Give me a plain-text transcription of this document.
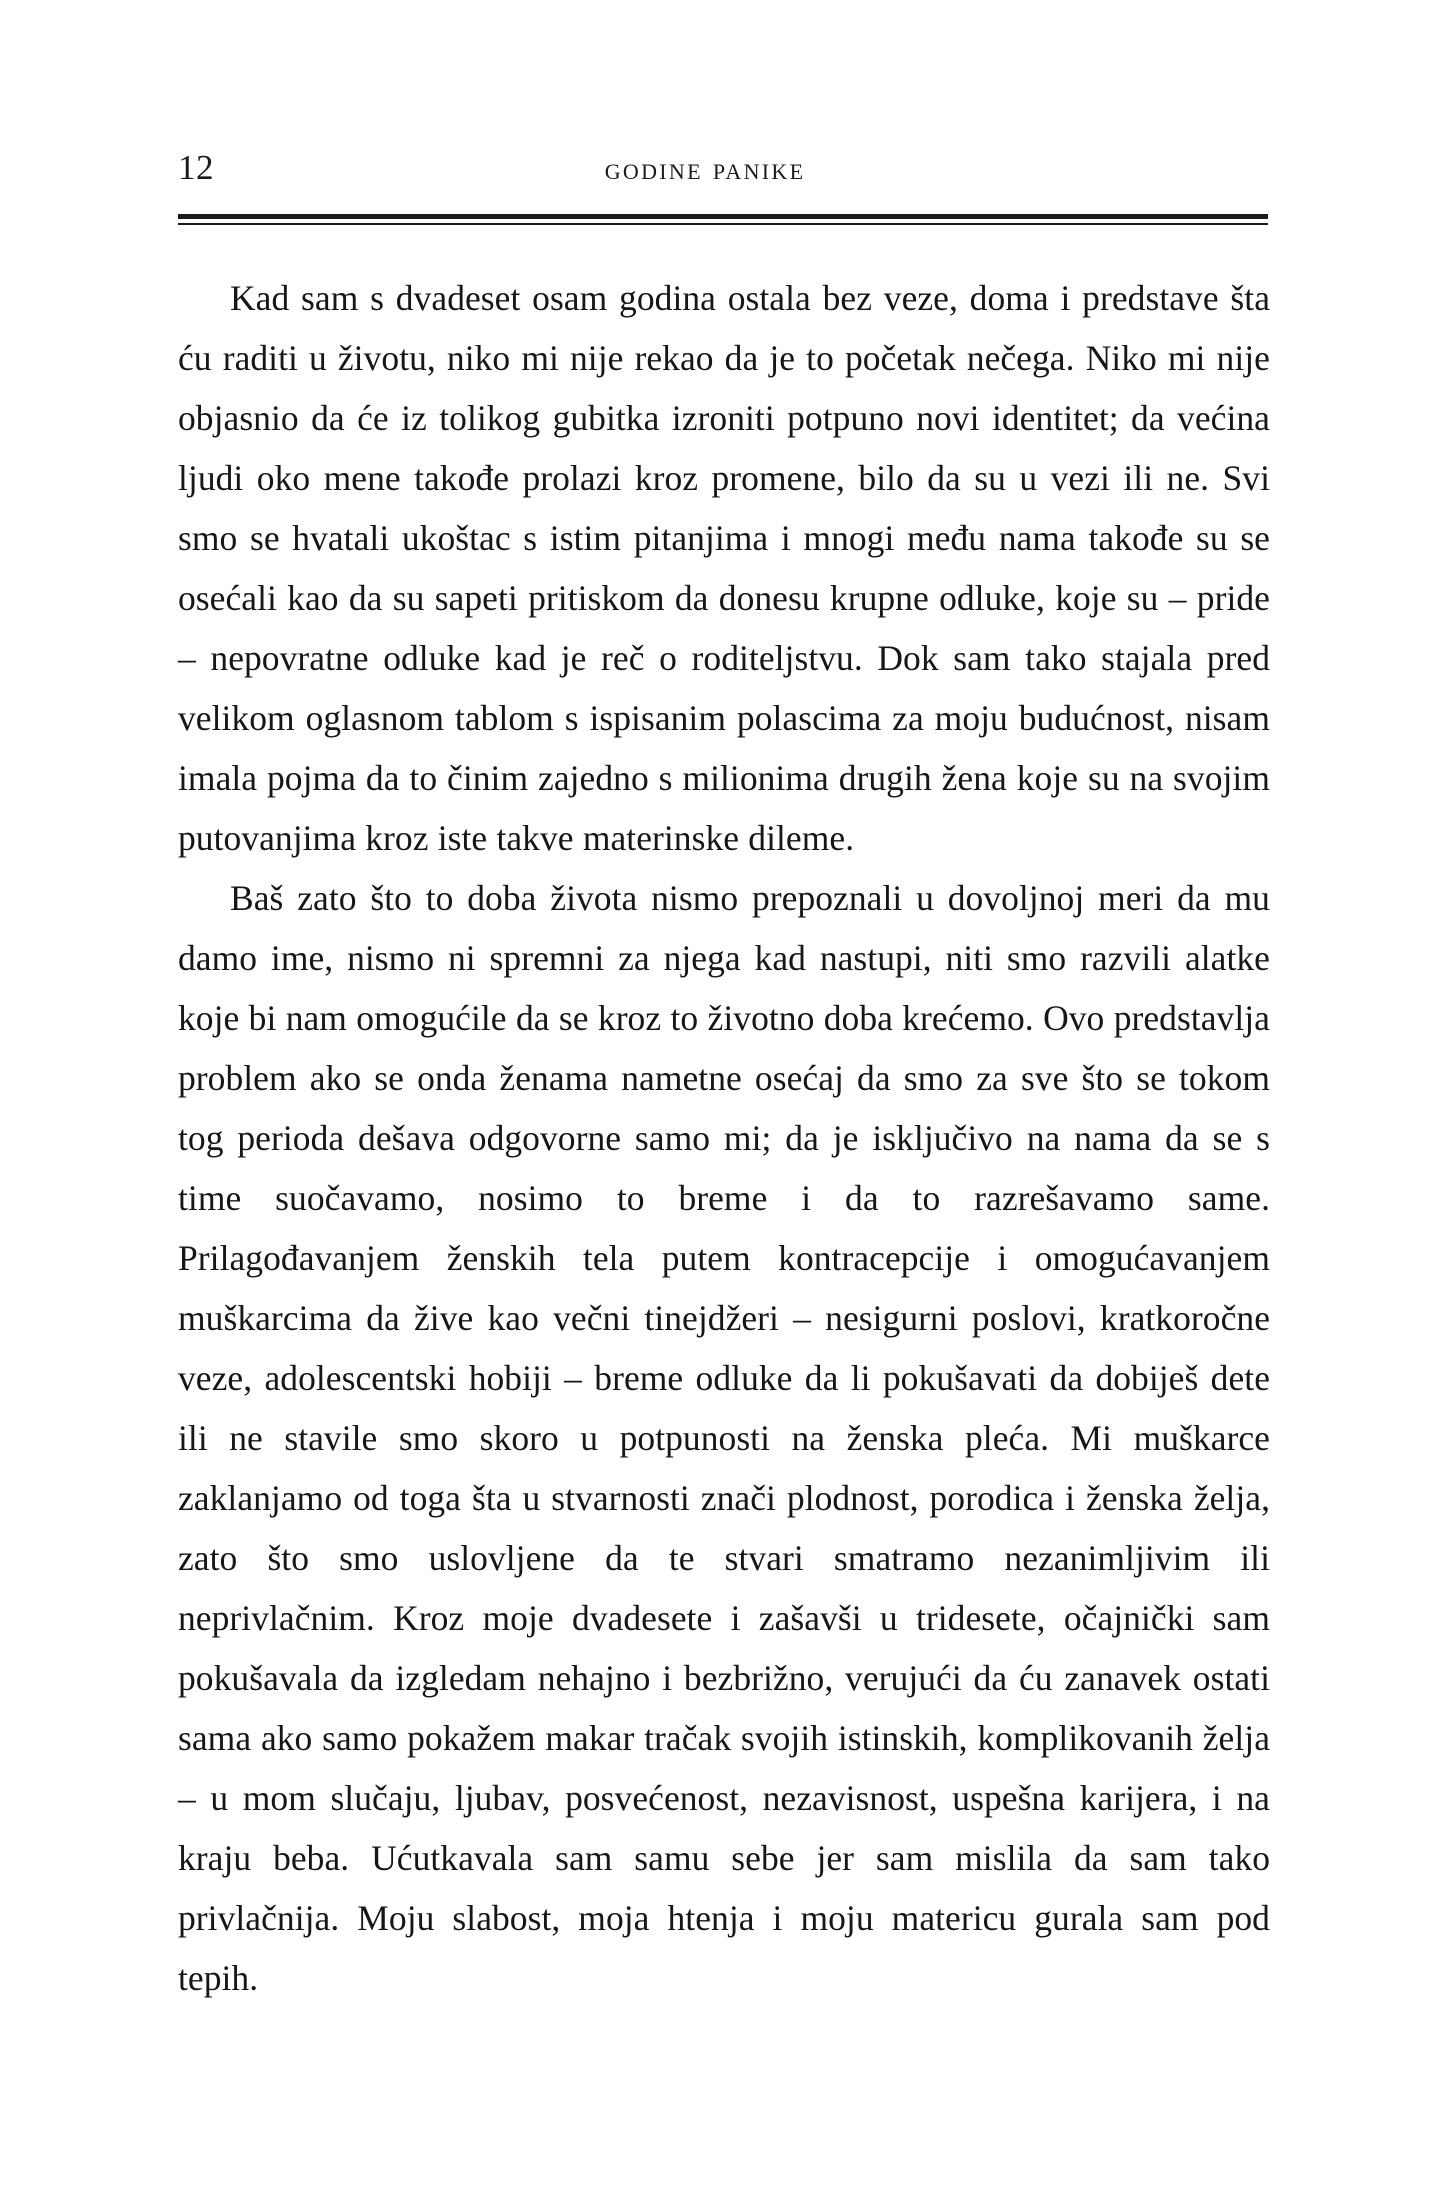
12	godine panike

Kad sam s dvadeset osam godina ostala bez veze, doma i predstave šta ću raditi u životu, niko mi nije rekao da je to početak nečega. Niko mi nije objasnio da će iz tolikog gubitka izroniti potpuno novi identitet; da većina ljudi oko mene takođe prolazi kroz promene, bilo da su u vezi ili ne. Svi smo se hvatali ukoštac s istim pitanjima i mnogi među nama takođe su se osećali kao da su sapeti pritiskom da donesu krupne odluke, koje su – pride – nepovratne odluke kad je reč o roditeljstvu. Dok sam tako stajala pred velikom oglasnom tablom s ispisanim polascima za moju budućnost, nisam imala pojma da to činim zajedno s milionima drugih žena koje su na svojim putovanjima kroz iste takve materinske dileme.

Baš zato što to doba života nismo prepoznali u dovoljnoj meri da mu damo ime, nismo ni spremni za njega kad nastupi, niti smo razvili alatke koje bi nam omogućile da se kroz to životno doba krećemo. Ovo predstavlja problem ako se onda ženama nametne osećaj da smo za sve što se tokom tog perioda dešava odgovorne samo mi; da je isključivo na nama da se s time suočavamo, nosimo to breme i da to razrešavamo same. Prilagođavanjem ženskih tela putem kontracepcije i omogućavanjem muškarcima da žive kao večni tinejdžeri – nesigurni poslovi, kratkoročne veze, adolescentski hobiji – breme odluke da li pokušavati da dobiješ dete ili ne stavile smo skoro u potpunosti na ženska pleća. Mi muškarce zaklanjamo od toga šta u stvarnosti znači plodnost, porodica i ženska želja, zato što smo uslovljene da te stvari smatramo nezanimljivim ili neprivlačnim. Kroz moje dvadesete i zašavši u tridesete, očajnički sam pokušavala da izgledam nehajno i bezbrižno, verujući da ću zanavek ostati sama ako samo pokažem makar tračak svojih istinskih, komplikovanih želja – u mom slučaju, ljubav, posvećenost, nezavisnost, uspešna karijera, i na kraju beba. Ućutkavala sam samu sebe jer sam mislila da sam tako privlačnija. Moju slabost, moja htenja i moju matericu gurala sam pod tepih.
